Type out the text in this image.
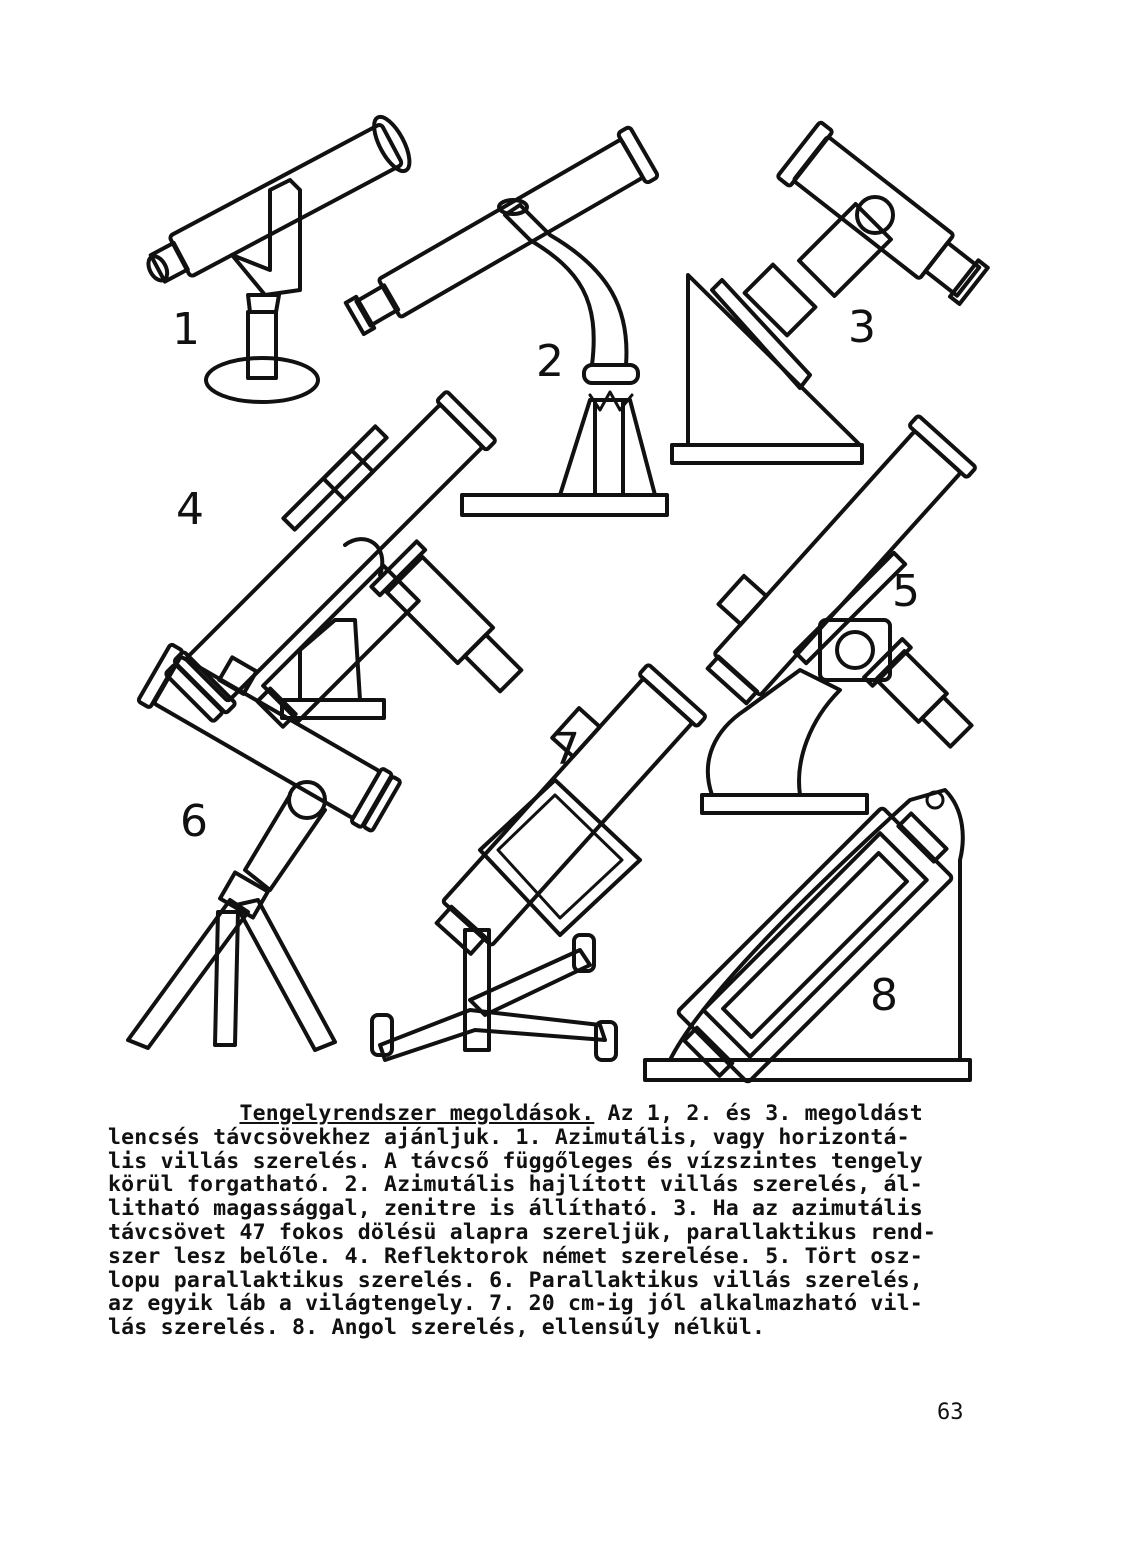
1
2
3
4
5
6
7
8
Tengelyrendszer megoldások. Az 1, 2. és 3. megoldást
lencsés távcsövekhez ajánljuk. 1. Azimutális, vagy horizontá-
lis villás szerelés. A távcső függőleges és vízszintes tengely
körül forgatható. 2. Azimutális hajlított villás szerelés, ál-
litható magassággal, zenitre is állítható. 3. Ha az azimutális
távcsövet 47 fokos dölésü alapra szereljük, parallaktikus rend-
szer lesz belőle. 4. Reflektorok német szerelése. 5. Tört osz-
lopu parallaktikus szerelés. 6. Parallaktikus villás szerelés,
az egyik láb a világtengely. 7. 20 cm-ig jól alkalmazható vil-
lás szerelés. 8. Angol szerelés, ellensúly nélkül.
63
